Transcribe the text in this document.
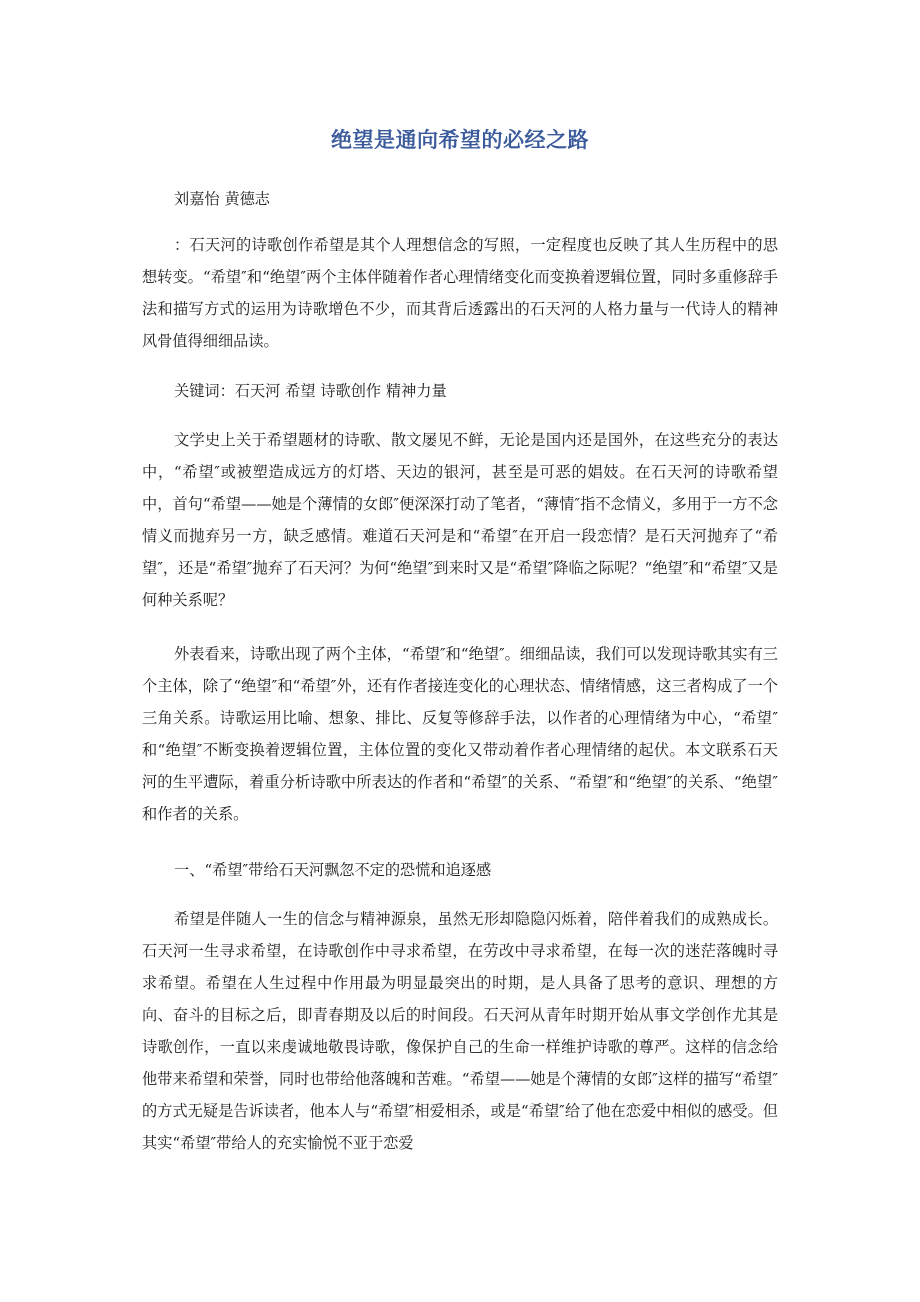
绝望是通向希望的必经之路

刘嘉怡 黄德志

：石天河的诗歌创作希望是其个人理想信念的写照，一定程度也反映了其人生历程中的思想转变。“希望″和“绝望″两个主体伴随着作者心理情绪变化而变换着逻辑位置，同时多重修辞手法和描写方式的运用为诗歌增色不少，而其背后透露出的石天河的人格力量与一代诗人的精神风骨值得细细品读。

关键词：石天河 希望 诗歌创作 精神力量

文学史上关于希望题材的诗歌、散文屡见不鲜，无论是国内还是国外，在这些充分的表达中，“希望″或被塑造成远方的灯塔、天边的银河，甚至是可恶的娼妓。在石天河的诗歌希望中，首句“希望——她是个薄情的女郎″便深深打动了笔者，“薄情″指不念情义，多用于一方不念情义而抛弃另一方，缺乏感情。难道石天河是和“希望″在开启一段恋情？是石天河抛弃了“希望″，还是“希望″抛弃了石天河？为何“绝望″到来时又是“希望″降临之际呢？“绝望″和“希望″又是何种关系呢？

外表看来，诗歌出现了两个主体，“希望″和“绝望″。细细品读，我们可以发现诗歌其实有三个主体，除了“绝望″和“希望″外，还有作者接连变化的心理状态、情绪情感，这三者构成了一个三角关系。诗歌运用比喻、想象、排比、反复等修辞手法，以作者的心理情绪为中心，“希望″和“绝望″不断变换着逻辑位置，主体位置的变化又带动着作者心理情绪的起伏。本文联系石天河的生平遭际，着重分析诗歌中所表达的作者和“希望″的关系、“希望″和“绝望″的关系、“绝望″和作者的关系。

一、“希望″带给石天河飘忽不定的恐慌和追逐感

希望是伴随人一生的信念与精神源泉，虽然无形却隐隐闪烁着，陪伴着我们的成熟成长。石天河一生寻求希望，在诗歌创作中寻求希望，在劳改中寻求希望，在每一次的迷茫落魄时寻求希望。希望在人生过程中作用最为明显最突出的时期，是人具备了思考的意识、理想的方向、奋斗的目标之后，即青春期及以后的时间段。石天河从青年时期开始从事文学创作尤其是诗歌创作，一直以来虔诚地敬畏诗歌，像保护自己的生命一样维护诗歌的尊严。这样的信念给他带来希望和荣誉，同时也带给他落魄和苦难。“希望——她是个薄情的女郎″这样的描写“希望″的方式无疑是告诉读者，他本人与“希望″相爱相杀，或是“希望″给了他在恋爱中相似的感受。但其实“希望″带给人的充实愉悦不亚于恋爱
